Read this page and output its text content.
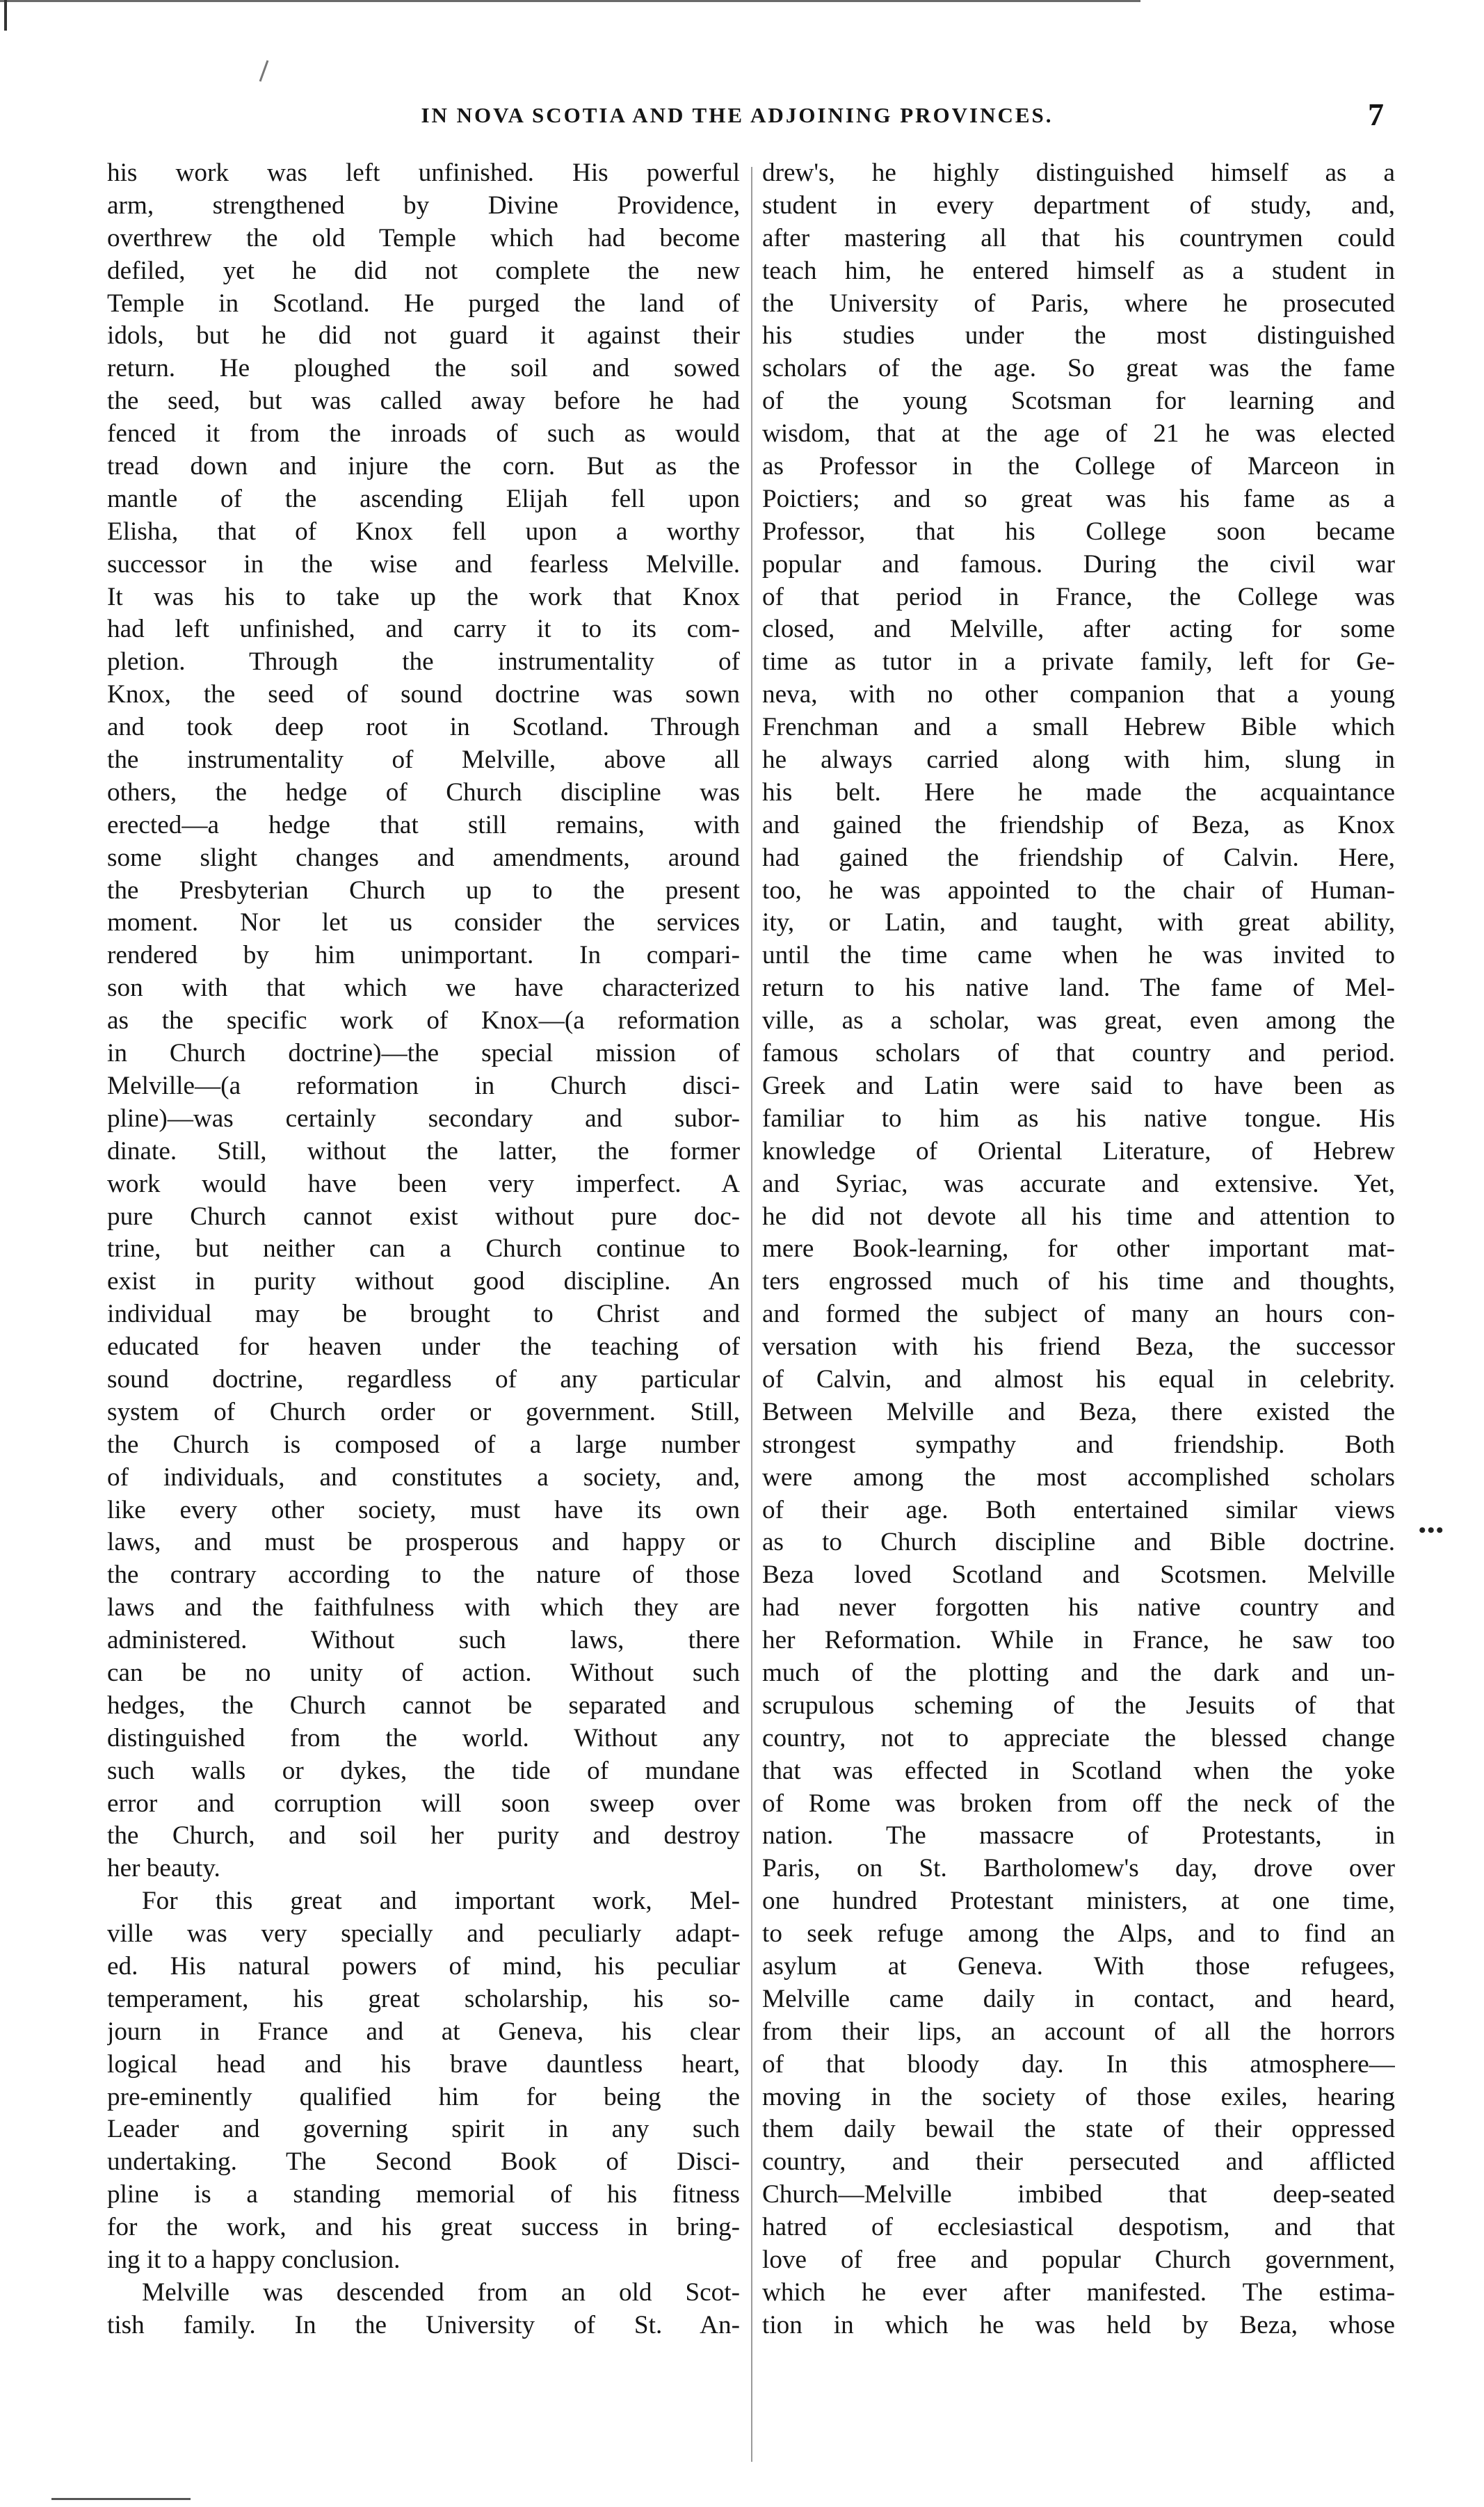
IN NOVA SCOTIA AND THE ADJOINING PROVINCES.	7
his work was left unfinished. His powerful
arm, strengthened by Divine Providence,
overthrew the old Temple which had become
defiled, yet he did not complete the new
Temple in Scotland. He purged the land of
idols, but he did not guard it against their
return. He ploughed the soil and sowed
the seed, but was called away before he had
fenced it from the inroads of such as would
tread down and injure the corn. But as the
mantle of the ascending Elijah fell upon
Elisha, that of Knox fell upon a worthy
successor in the wise and fearless Melville.
It was his to take up the work that Knox
had left unfinished, and carry it to its com-
pletion. Through the instrumentality of
Knox, the seed of sound doctrine was sown
and took deep root in Scotland. Through
the instrumentality of Melville, above all
others, the hedge of Church discipline was
erected—a hedge that still remains, with
some slight changes and amendments, around
the Presbyterian Church up to the present
moment. Nor let us consider the services
rendered by him unimportant. In compari-
son with that which we have characterized
as the specific work of Knox—(a reformation
in Church doctrine)—the special mission of
Melville—(a reformation in Church disci-
pline)—was certainly secondary and subor-
dinate. Still, without the latter, the former
work would have been very imperfect. A
pure Church cannot exist without pure doc-
trine, but neither can a Church continue to
exist in purity without good discipline. An
individual may be brought to Christ and
educated for heaven under the teaching of
sound doctrine, regardless of any particular
system of Church order or government. Still,
the Church is composed of a large number
of individuals, and constitutes a society, and,
like every other society, must have its own
laws, and must be prosperous and happy or
the contrary according to the nature of those
laws and the faithfulness with which they are
administered. Without such laws, there
can be no unity of action. Without such
hedges, the Church cannot be separated and
distinguished from the world. Without any
such walls or dykes, the tide of mundane
error and corruption will soon sweep over
the Church, and soil her purity and destroy
her beauty.
For this great and important work, Mel-
ville was very specially and peculiarly adapt-
ed. His natural powers of mind, his peculiar
temperament, his great scholarship, his so-
journ in France and at Geneva, his clear
logical head and his brave dauntless heart,
pre-eminently qualified him for being the
Leader and governing spirit in any such
undertaking. The Second Book of Disci-
pline is a standing memorial of his fitness
for the work, and his great success in bring-
ing it to a happy conclusion.
Melville was descended from an old Scot-
tish family. In the University of St. An-
drew's, he highly distinguished himself as a
student in every department of study, and,
after mastering all that his countrymen could
teach him, he entered himself as a student in
the University of Paris, where he prosecuted
his studies under the most distinguished
scholars of the age. So great was the fame
of the young Scotsman for learning and
wisdom, that at the age of 21 he was elected
as Professor in the College of Marceon in
Poictiers; and so great was his fame as a
Professor, that his College soon became
popular and famous. During the civil war
of that period in France, the College was
closed, and Melville, after acting for some
time as tutor in a private family, left for Ge-
neva, with no other companion that a young
Frenchman and a small Hebrew Bible which
he always carried along with him, slung in
his belt. Here he made the acquaintance
and gained the friendship of Beza, as Knox
had gained the friendship of Calvin. Here,
too, he was appointed to the chair of Human-
ity, or Latin, and taught, with great ability,
until the time came when he was invited to
return to his native land. The fame of Mel-
ville, as a scholar, was great, even among the
famous scholars of that country and period.
Greek and Latin were said to have been as
familiar to him as his native tongue. His
knowledge of Oriental Literature, of Hebrew
and Syriac, was accurate and extensive. Yet,
he did not devote all his time and attention to
mere Book-learning, for other important mat-
ters engrossed much of his time and thoughts,
and formed the subject of many an hours con-
versation with his friend Beza, the successor
of Calvin, and almost his equal in celebrity.
Between Melville and Beza, there existed the
strongest sympathy and friendship. Both
were among the most accomplished scholars
of their age. Both entertained similar views
as to Church discipline and Bible doctrine.
Beza loved Scotland and Scotsmen. Melville
had never forgotten his native country and
her Reformation. While in France, he saw too
much of the plotting and the dark and un-
scrupulous scheming of the Jesuits of that
country, not to appreciate the blessed change
that was effected in Scotland when the yoke
of Rome was broken from off the neck of the
nation. The massacre of Protestants, in
Paris, on St. Bartholomew's day, drove over
one hundred Protestant ministers, at one time,
to seek refuge among the Alps, and to find an
asylum at Geneva. With those refugees,
Melville came daily in contact, and heard,
from their lips, an account of all the horrors
of that bloody day. In this atmosphere—
moving in the society of those exiles, hearing
them daily bewail the state of their oppressed
country, and their persecuted and afflicted
Church—Melville imbibed that deep-seated
hatred of ecclesiastical despotism, and that
love of free and popular Church government,
which he ever after manifested. The estima-
tion in which he was held by Beza, whose
•••
